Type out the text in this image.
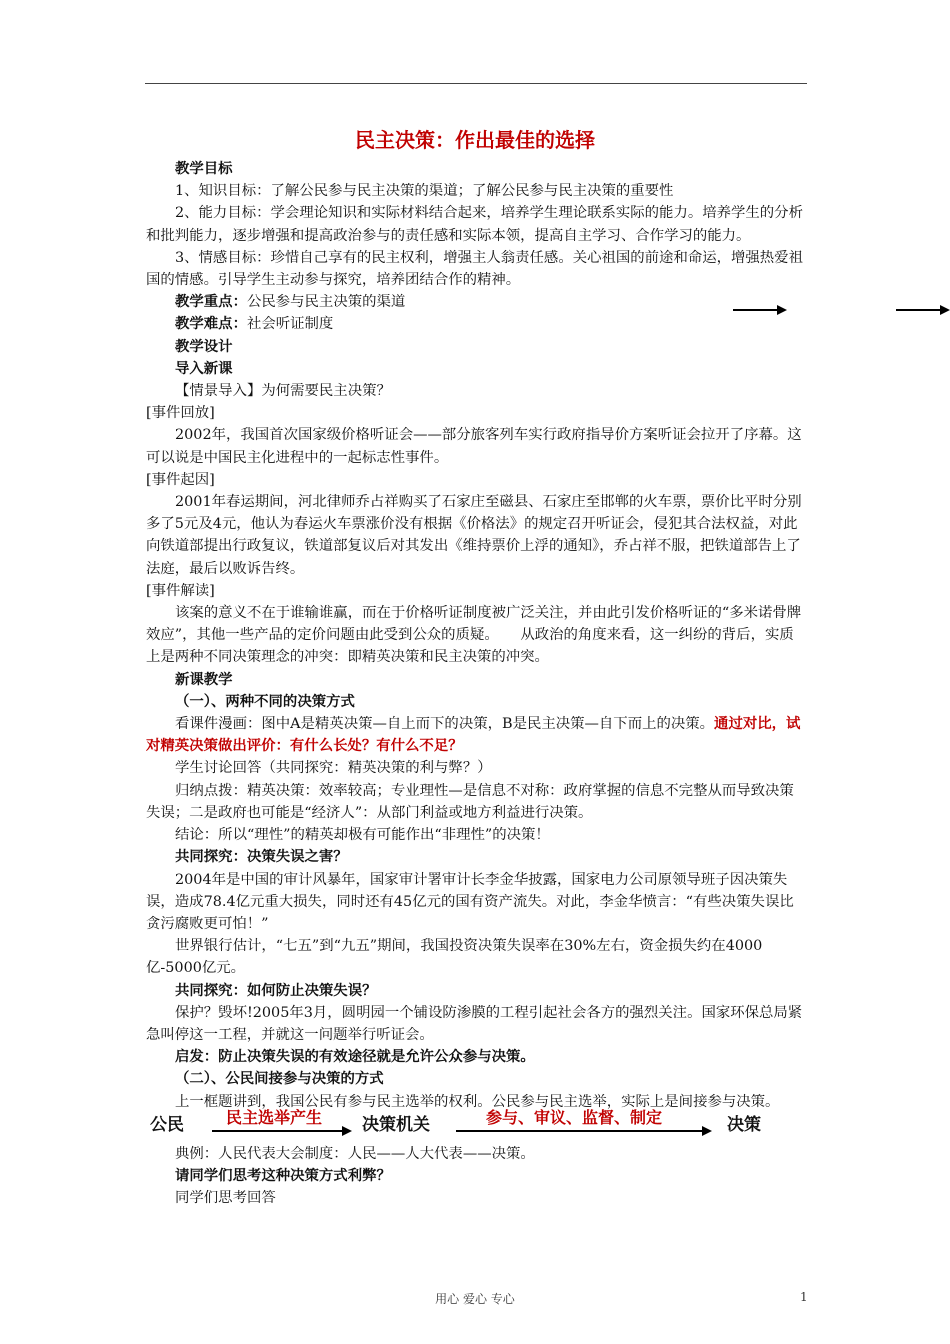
民主决策：作出最佳的选择

教学目标

1、知识目标：了解公民参与民主决策的渠道；了解公民参与民主决策的重要性

2、能力目标：学会理论知识和实际材料结合起来，培养学生理论联系实际的能力。培养学生的分析和批判能力，逐步增强和提高政治参与的责任感和实际本领，提高自主学习、合作学习的能力。

3、情感目标：珍惜自己享有的民主权利，增强主人翁责任感。关心祖国的前途和命运，增强热爱祖国的情感。引导学生主动参与探究，培养团结合作的精神。

教学重点：公民参与民主决策的渠道

教学难点：社会听证制度

教学设计

导入新课

【情景导入】为何需要民主决策？

[事件回放]

2002年，我国首次国家级价格听证会——部分旅客列车实行政府指导价方案听证会拉开了序幕。这可以说是中国民主化进程中的一起标志性事件。

[事件起因]

2001年春运期间，河北律师乔占祥购买了石家庄至磁县、石家庄至邯郸的火车票，票价比平时分别多了5元及4元，他认为春运火车票涨价没有根据《价格法》的规定召开听证会，侵犯其合法权益，对此向铁道部提出行政复议，铁道部复议后对其发出《维持票价上浮的通知》，乔占祥不服，把铁道部告上了法庭，最后以败诉告终。

[事件解读]

该案的意义不在于谁输谁赢，而在于价格听证制度被广泛关注，并由此引发价格听证的“多米诺骨牌效应”，其他一些产品的定价问题由此受到公众的质疑。　　从政治的角度来看，这一纠纷的背后，实质上是两种不同决策理念的冲突：即精英决策和民主决策的冲突。

新课教学

（一）、两种不同的决策方式

看课件漫画：图中A是精英决策—自上而下的决策，B是民主决策—自下而上的决策。通过对比，试对精英决策做出评价：有什么长处？有什么不足？

学生讨论回答（共同探究：精英决策的利与弊？）

归纳点拨：精英决策：效率较高；专业理性—是信息不对称：政府掌握的信息不完整从而导致决策失误；二是政府也可能是“经济人”：从部门利益或地方利益进行决策。

结论：所以“理性”的精英却极有可能作出“非理性”的决策！

共同探究：决策失误之害？

2004年是中国的审计风暴年，国家审计署审计长李金华披露，国家电力公司原领导班子因决策失误，造成78.4亿元重大损失，同时还有45亿元的国有资产流失。对此，李金华愤言：“有些决策失误比贪污腐败更可怕！”

世界银行估计，“七五”到“九五”期间，我国投资决策失误率在30%左右，资金损失约在4000亿-5000亿元。

共同探究：如何防止决策失误？

保护？毁坏!2005年3月，圆明园一个铺设防渗膜的工程引起社会各方的强烈关注。国家环保总局紧急叫停这一工程，并就这一问题举行听证会。

启发：防止决策失误的有效途径就是允许公众参与决策。

（二）、公民间接参与决策的方式

上一框题讲到，我国公民有参与民主选举的权利。公民参与民主选举，实际上是间接参与决策。

公民	民主选举产生 决策机关	参与、审议、监督、制定	决策

典例：人民代表大会制度：人民——人大代表——决策。

请同学们思考这种决策方式利弊？

同学们思考回答

用心 爱心 专心	1
